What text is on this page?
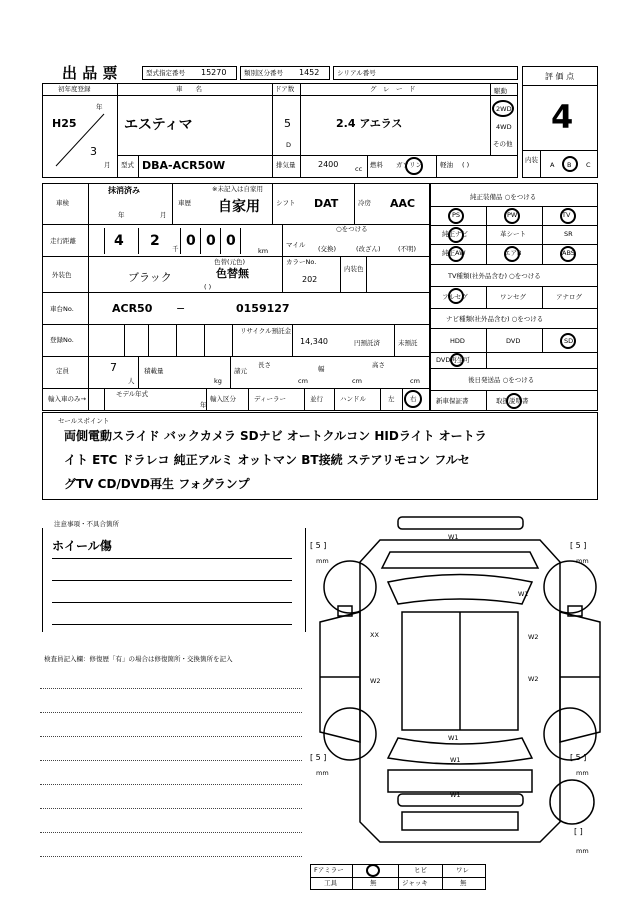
出 品 票	型式指定番号 15270	類別区分番号 1452	シリアル番号	評 価 点
4
初年度登録
H25
年
3
月
車　　名
エスティマ
ドア数
5
D
グ　レ　ー　ド
2.4 アエラス
駆動
2WD
4WD
その他
型式 DBA-ACR50W	排気量	2400	cc 燃料 ガソリン	軽油 ( )
内装
A B C
車検
抹消済み
年	月
車歴
※未記入は自家用
自家用 シフト DAT	冷房 AAC
走行距離	4 2 千 0 0 0
km
マイル
○をつける
(交換)	(改ざん)	(不明)
外装色	ブラック
色替(元色)
色替無
( )
カラーNo.
202
内装色
車台No.	ACR50 −	0159127
登録No.
リサイクル預託金
14,340	円預託済	未預託
定員	7
人
積載量
kg
諸元
長さ
cm
幅
cm
高さ
cm
輸入車のみ→
モデル年式
年
輸入区分	ディーラー	並行	ハンドル	左 右
純正装備品 ○をつける
PS	PW	TV
純正ナビ	革シート	SR
純正AW	エアB	ABS
TV種類(社外品含む) ○をつける
フルセグ	ワンセグ	アナログ
ナビ種類(社外品含む) ○をつける
HDD	DVD	SD
DVD再生可
後日発送品 ○をつける
新車保証書	取扱説明書
セールスポイント
両側電動スライド バックカメラ SDナビ オートクルコン HIDライト オートラ
イト ETC ドラレコ 純正アルミ オットマン BT接続 ステアリモコン フルセ
グTV CD/DVD再生 フォグランプ
注意事項・不具合箇所
ホイール傷
検査員記入欄：修復歴「有」の場合は修復箇所・交換箇所を記入
W1
W1
XX	W2
W2	W2
W1
W1
W1
[ 5 ]
mm
[ 5 ]
mm
[ 5 ]
mm
[ 5 ]
mm
[ ]
mm
Fアミラー	ヒビ	ワレ
工具	無	ジャッキ	無
